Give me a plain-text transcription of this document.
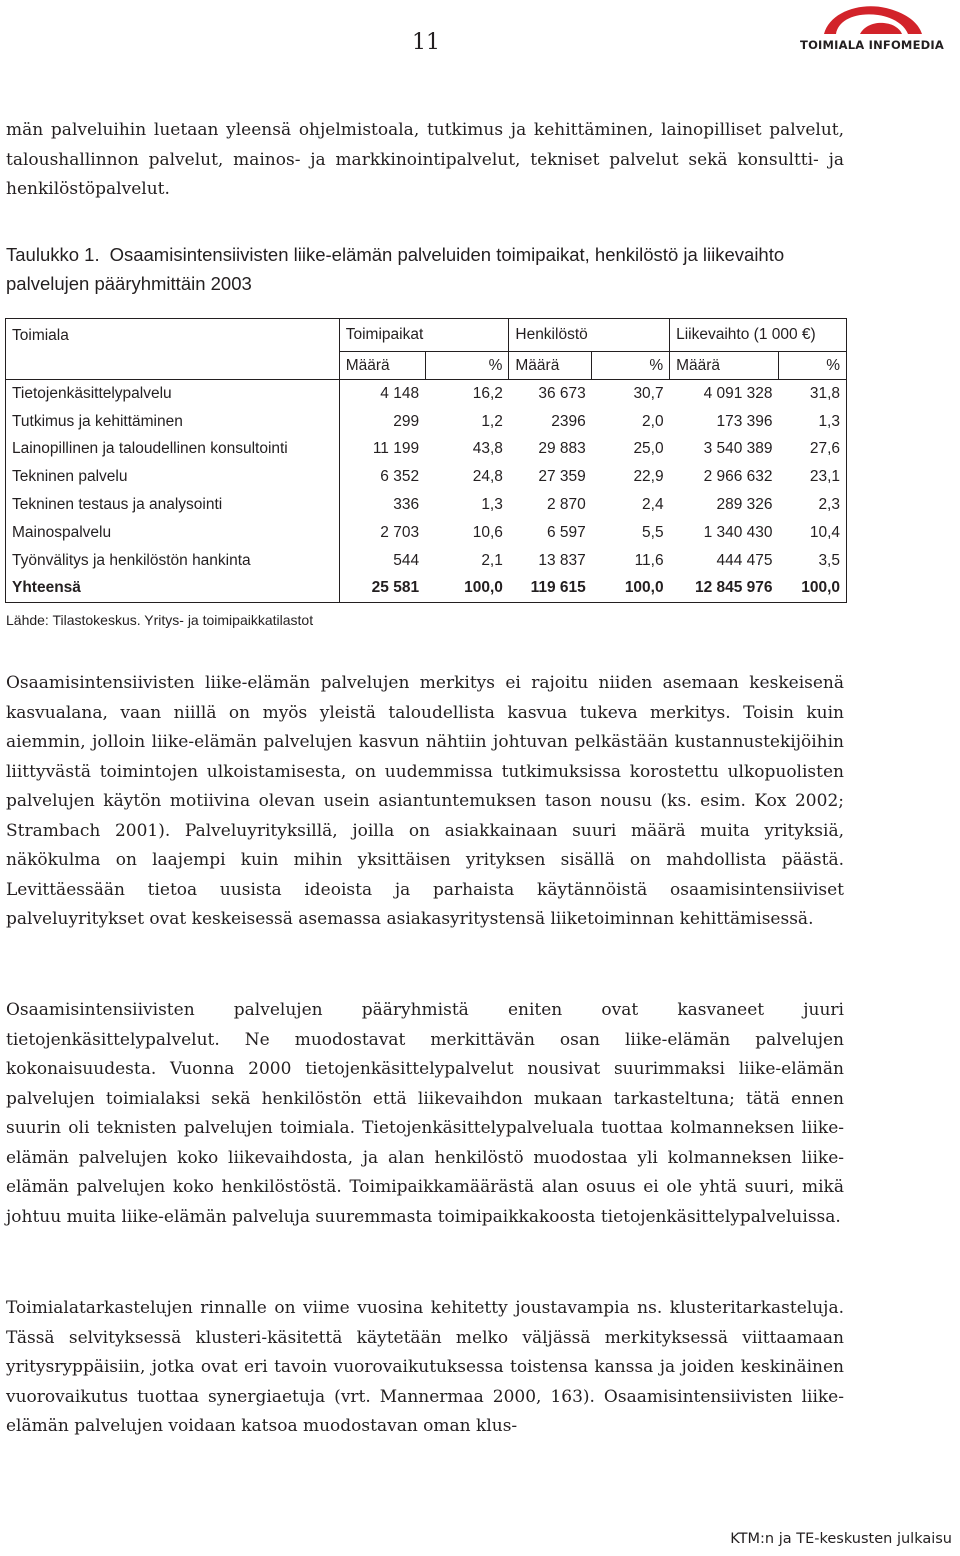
11	TOIMIALA INFOMEDIA

män palveluihin luetaan yleensä ohjelmistoala, tutkimus ja kehittäminen, lainopilliset palvelut, taloushallinnon palvelut, mainos- ja markkinointipalvelut, tekniset palvelut sekä konsultti- ja henkilöstöpalvelut.

Taulukko 1. Osaamisintensiivisten liike-elämän palveluiden toimipaikat, henkilöstö ja liikevaihto palvelujen pääryhmittäin 2003

Toimiala	Toimipaikat		Henkilöstö		Liikevaihto (1 000 €)	
	Määrä	%	Määrä	%	Määrä	%
Tietojenkäsittelypalvelu	4 148	16,2	36 673	30,7	4 091 328	31,8
Tutkimus ja kehittäminen	299	1,2	2396	2,0	173 396	1,3
Lainopillinen ja taloudellinen konsultointi	11 199	43,8	29 883	25,0	3 540 389	27,6
Tekninen palvelu	6 352	24,8	27 359	22,9	2 966 632	23,1
Tekninen testaus ja analysointi	336	1,3	2 870	2,4	289 326	2,3
Mainospalvelu	2 703	10,6	6 597	5,5	1 340 430	10,4
Työnvälitys ja henkilöstön hankinta	544	2,1	13 837	11,6	444 475	3,5
Yhteensä	25 581	100,0	119 615	100,0	12 845 976	100,0

Lähde: Tilastokeskus. Yritys- ja toimipaikkatilastot

Osaamisintensiivisten liike-elämän palvelujen merkitys ei rajoitu niiden asemaan keskeisenä kasvualana, vaan niillä on myös yleistä taloudellista kasvua tukeva merkitys. Toisin kuin aiemmin, jolloin liike-elämän palvelujen kasvun nähtiin johtuvan pelkästään kustannustekijöihin liittyvästä toimintojen ulkoistamisesta, on uudemmissa tutkimuksissa korostettu ulkopuolisten palvelujen käytön motiivina olevan usein asiantuntemuksen tason nousu (ks. esim. Kox 2002; Strambach 2001). Palveluyrityksillä, joilla on asiakkainaan suuri määrä muita yrityksiä, näkökulma on laajempi kuin mihin yksittäisen yrityksen sisällä on mahdollista päästä. Levittäessään tietoa uusista ideoista ja parhaista käytännöistä osaamisintensiiviset palveluyritykset ovat keskeisessä asemassa asiakasyritystensä liiketoiminnan kehittämisessä.

Osaamisintensiivisten palvelujen pääryhmistä eniten ovat kasvaneet juuri tietojenkäsittelypalvelut. Ne muodostavat merkittävän osan liike-elämän palvelujen kokonaisuudesta. Vuonna 2000 tietojenkäsittelypalvelut nousivat suurimmaksi liike-elämän palvelujen toimialaksi sekä henkilöstön että liikevaihdon mukaan tarkasteltuna; tätä ennen suurin oli teknisten palvelujen toimiala. Tietojenkäsittelypalveluala tuottaa kolmanneksen liike-elämän palvelujen koko liikevaihdosta, ja alan henkilöstö muodostaa yli kolmanneksen liike-elämän palvelujen koko henkilöstöstä. Toimipaikkamäärästä alan osuus ei ole yhtä suuri, mikä johtuu muita liike-elämän palveluja suuremmasta toimipaikkakoosta tietojenkäsittelypalveluissa.

Toimialatarkastelujen rinnalle on viime vuosina kehitetty joustavampia ns. klusteritarkasteluja. Tässä selvityksessä klusteri-käsitettä käytetään melko väljässä merkityksessä viittaamaan yritysryppäisiin, jotka ovat eri tavoin vuorovaikutuksessa toistensa kanssa ja joiden keskinäinen vuorovaikutus tuottaa synergiaetuja (vrt. Mannermaa 2000, 163). Osaamisintensiivisten liike-elämän palvelujen voidaan katsoa muodostavan oman klus-

KTM:n ja TE-keskusten julkaisu
